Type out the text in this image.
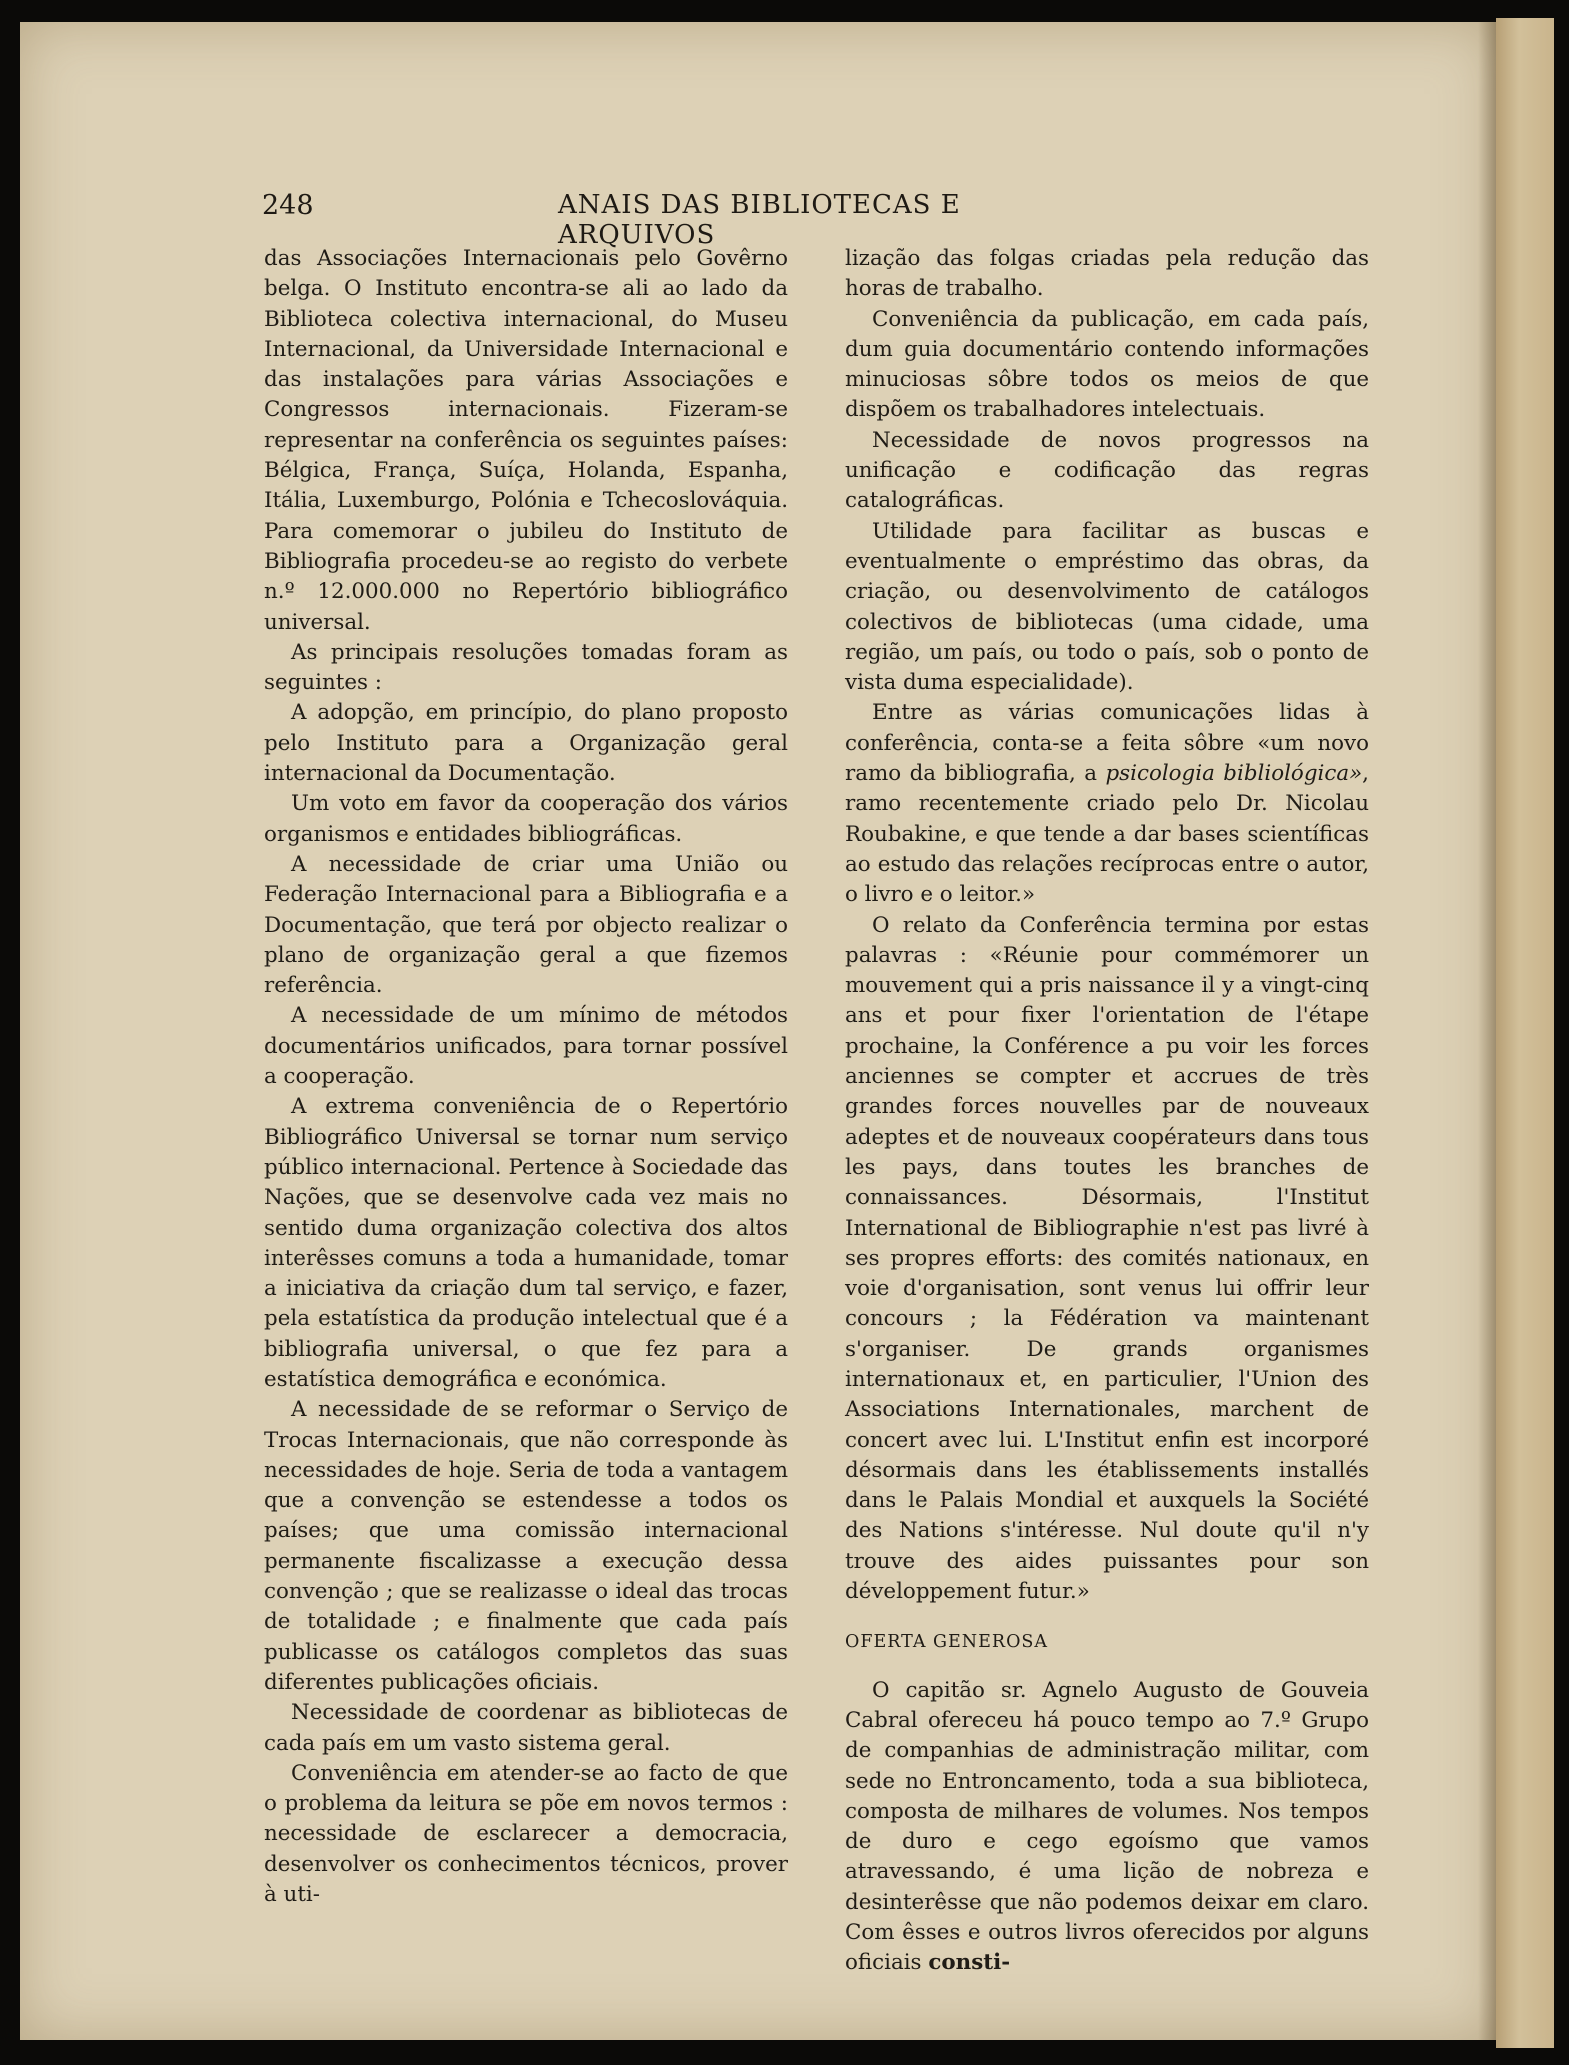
248	ANAIS DAS BIBLIOTECAS E ARQUIVOS

das Associações Internacionais pelo Govêrno belga. O Instituto encontra-se ali ao lado da Biblioteca colectiva internacional, do Museu Internacional, da Universidade Internacional e das instalações para várias Associações e Congressos internacionais. Fizeram-se representar na conferência os seguintes países: Bélgica, França, Suíça, Holanda, Espanha, Itália, Luxemburgo, Polónia e Tchecoslováquia. Para comemorar o jubileu do Instituto de Bibliografia procedeu-se ao registo do verbete n.º 12.000.000 no Repertório bibliográfico universal.

As principais resoluções tomadas foram as seguintes :

A adopção, em princípio, do plano proposto pelo Instituto para a Organização geral internacional da Documentação.

Um voto em favor da cooperação dos vários organismos e entidades bibliográficas.

A necessidade de criar uma União ou Federação Internacional para a Bibliografia e a Documentação, que terá por objecto realizar o plano de organização geral a que fizemos referência.

A necessidade de um mínimo de métodos documentários unificados, para tornar possível a cooperação.

A extrema conveniência de o Repertório Bibliográfico Universal se tornar num serviço público internacional. Pertence à Sociedade das Nações, que se desenvolve cada vez mais no sentido duma organização colectiva dos altos interêsses comuns a toda a humanidade, tomar a iniciativa da criação dum tal serviço, e fazer, pela estatística da produção intelectual que é a bibliografia universal, o que fez para a estatística demográfica e económica.

A necessidade de se reformar o Serviço de Trocas Internacionais, que não corresponde às necessidades de hoje. Seria de toda a vantagem que a convenção se estendesse a todos os países; que uma comissão internacional permanente fiscalizasse a execução dessa convenção ; que se realizasse o ideal das trocas de totalidade ; e finalmente que cada país publicasse os catálogos completos das suas diferentes publicações oficiais.

Necessidade de coordenar as bibliotecas de cada país em um vasto sistema geral.

Conveniência em atender-se ao facto de que o problema da leitura se põe em novos termos : necessidade de esclarecer a democracia, desenvolver os conhecimentos técnicos, prover à uti-

lização das folgas criadas pela redução das horas de trabalho.

Conveniência da publicação, em cada país, dum guia documentário contendo informações minuciosas sôbre todos os meios de que dispõem os trabalhadores intelectuais.

Necessidade de novos progressos na unificação e codificação das regras catalográficas.

Utilidade para facilitar as buscas e eventualmente o empréstimo das obras, da criação, ou desenvolvimento de catálogos colectivos de bibliotecas (uma cidade, uma região, um país, ou todo o país, sob o ponto de vista duma especialidade).

Entre as várias comunicações lidas à conferência, conta-se a feita sôbre «um novo ramo da bibliografia, a psicologia bibliológica», ramo recentemente criado pelo Dr. Nicolau Roubakine, e que tende a dar bases scientíficas ao estudo das relações recíprocas entre o autor, o livro e o leitor.»

O relato da Conferência termina por estas palavras : «Réunie pour commémorer un mouvement qui a pris naissance il y a vingt-cinq ans et pour fixer l'orientation de l'étape prochaine, la Conférence a pu voir les forces anciennes se compter et accrues de très grandes forces nouvelles par de nouveaux adeptes et de nouveaux coopérateurs dans tous les pays, dans toutes les branches de connaissances. Désormais, l'Institut International de Bibliographie n'est pas livré à ses propres efforts: des comités nationaux, en voie d'organisation, sont venus lui offrir leur concours ; la Fédération va maintenant s'organiser. De grands organismes internationaux et, en particulier, l'Union des Associations Internationales, marchent de concert avec lui. L'Institut enfin est incorporé désormais dans les établissements installés dans le Palais Mondial et auxquels la Société des Nations s'intéresse. Nul doute qu'il n'y trouve des aides puissantes pour son développement futur.»

OFERTA GENEROSA

O capitão sr. Agnelo Augusto de Gouveia Cabral ofereceu há pouco tempo ao 7.º Grupo de companhias de administração militar, com sede no Entroncamento, toda a sua biblioteca, composta de milhares de volumes. Nos tempos de duro e cego egoísmo que vamos atravessando, é uma lição de nobreza e desinterêsse que não podemos deixar em claro. Com êsses e outros livros oferecidos por alguns oficiais consti-
